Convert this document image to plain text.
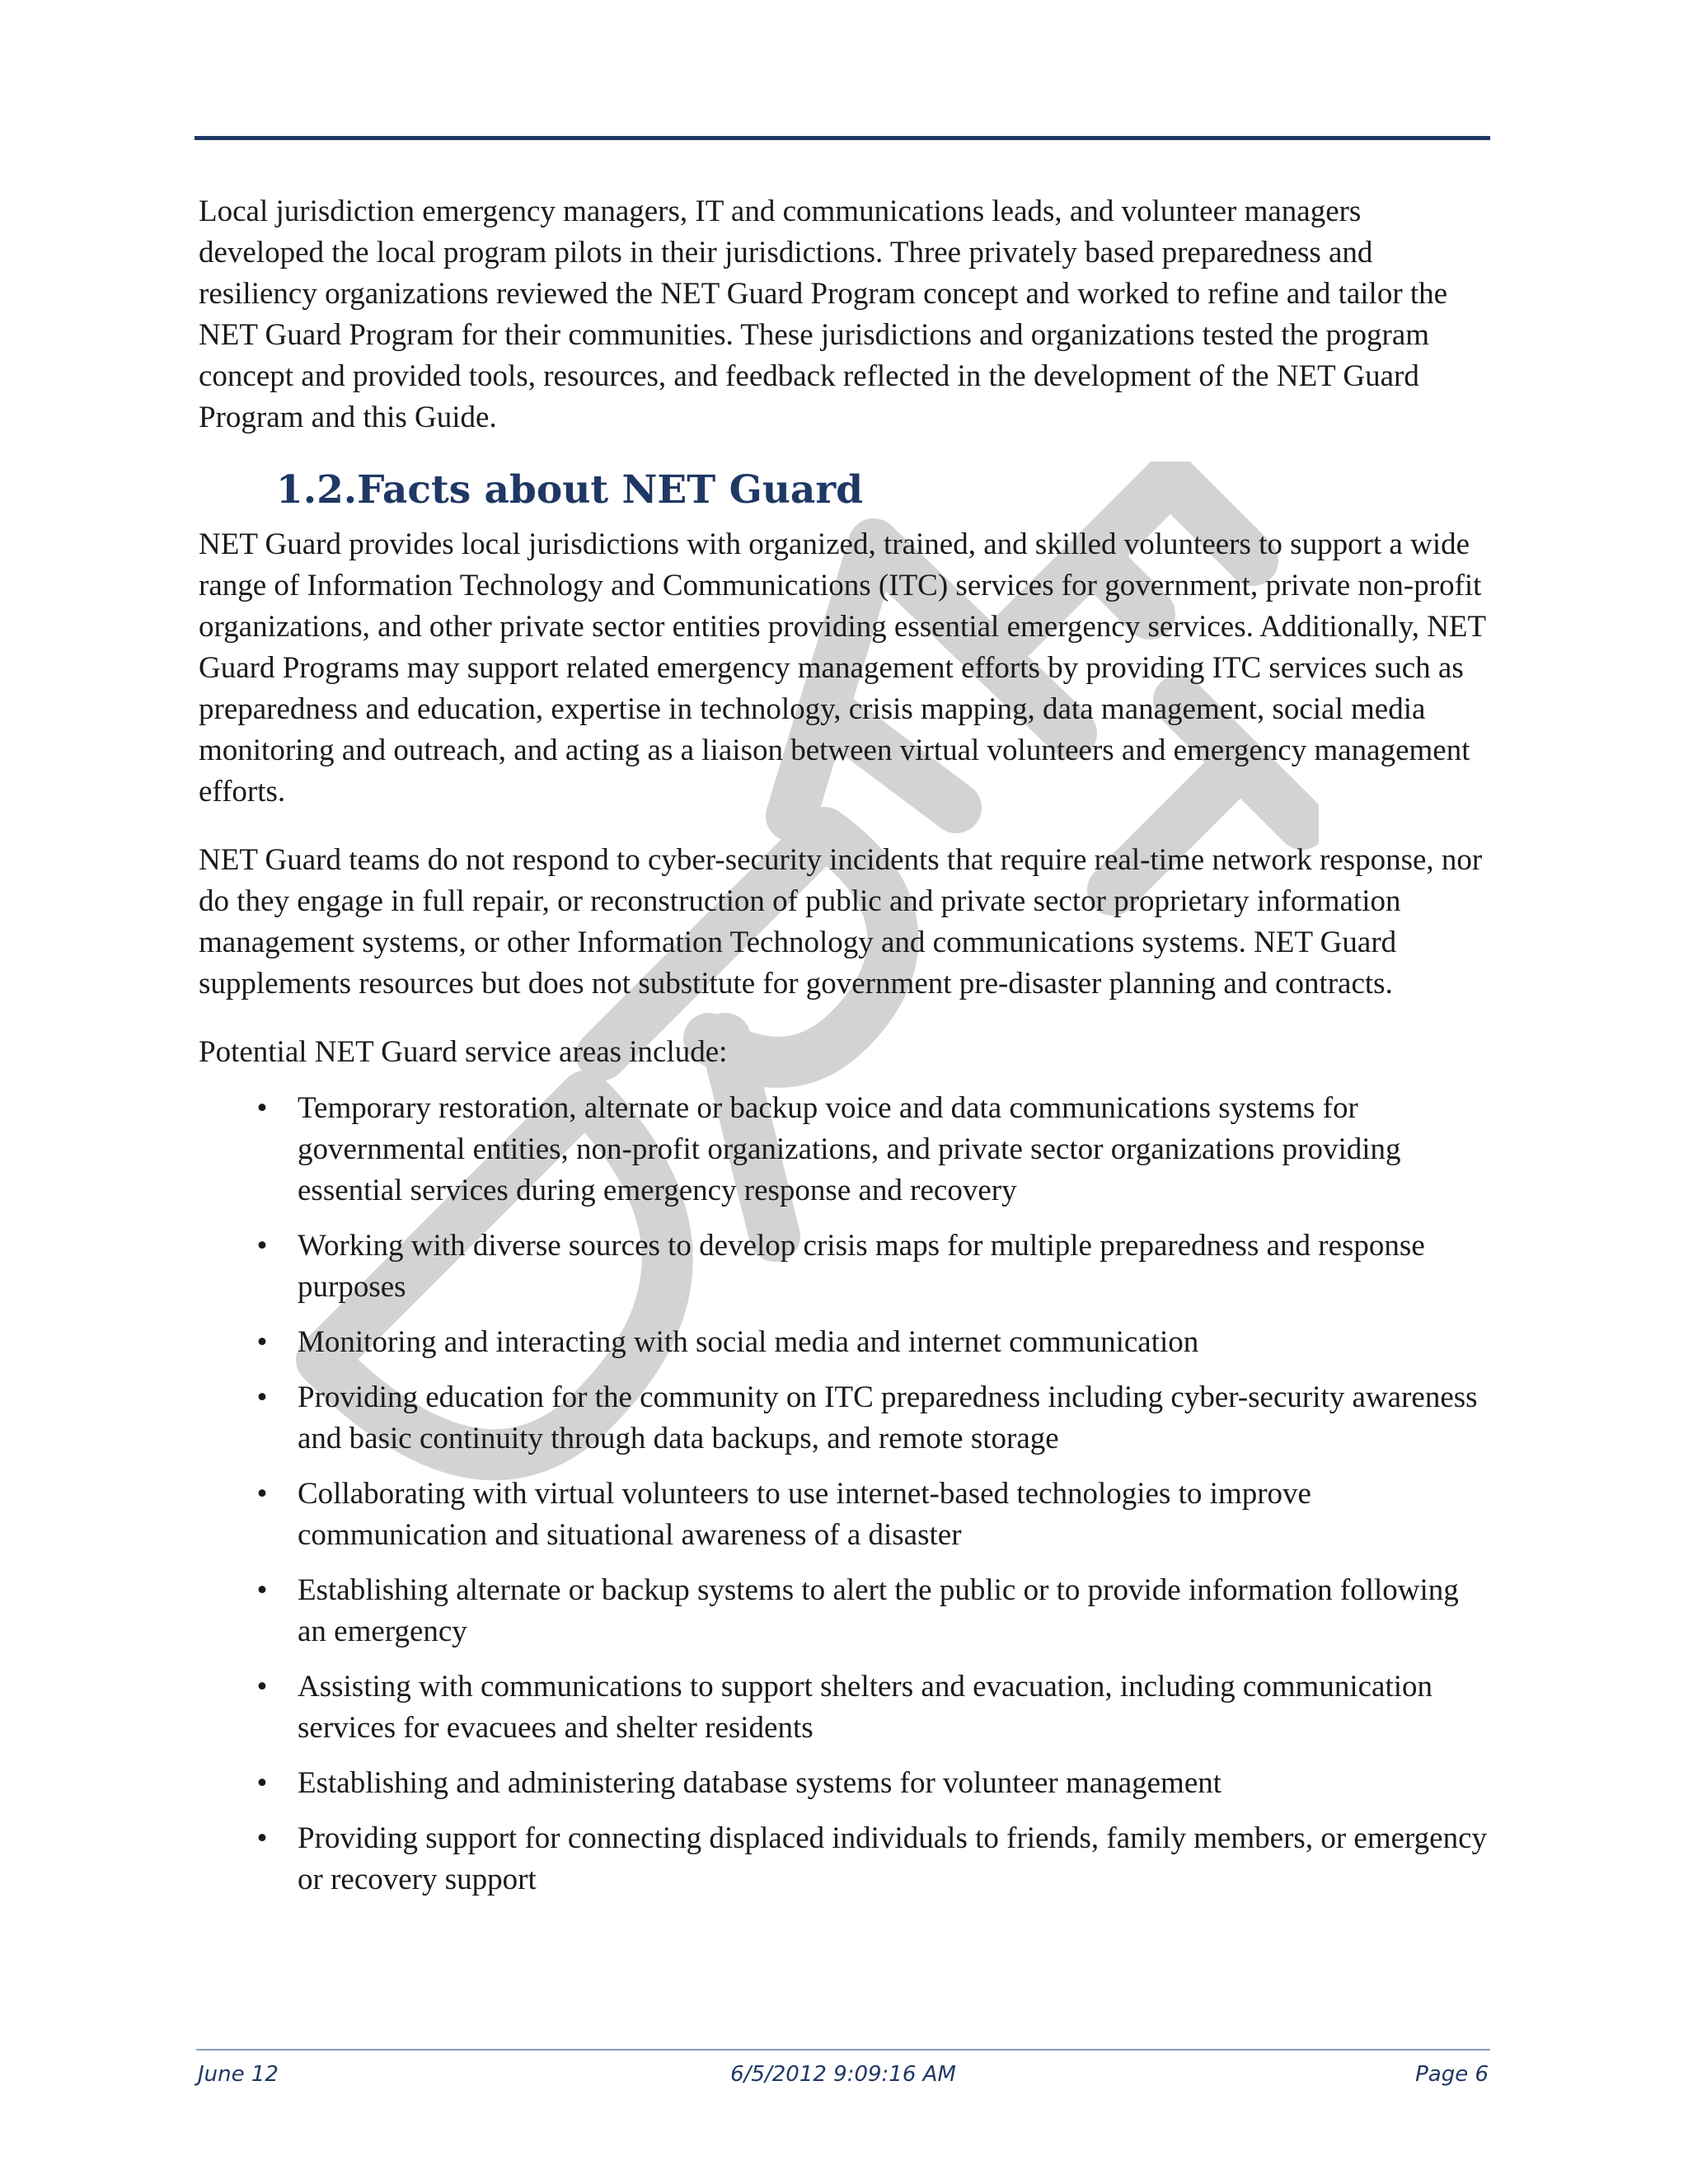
Local jurisdiction emergency managers, IT and communications leads, and volunteer managers developed the local program pilots in their jurisdictions. Three privately based preparedness and resiliency organizations reviewed the NET Guard Program concept and worked to refine and tailor the NET Guard Program for their communities. These jurisdictions and organizations tested the program concept and provided tools, resources, and feedback reflected in the development of the NET Guard Program and this Guide.

1.2.Facts about NET Guard

NET Guard provides local jurisdictions with organized, trained, and skilled volunteers to support a wide range of Information Technology and Communications (ITC) services for government, private non-profit organizations, and other private sector entities providing essential emergency services. Additionally, NET Guard Programs may support related emergency management efforts by providing ITC services such as preparedness and education, expertise in technology, crisis mapping, data management, social media monitoring and outreach, and acting as a liaison between virtual volunteers and emergency management efforts.

NET Guard teams do not respond to cyber-security incidents that require real-time network response, nor do they engage in full repair, or reconstruction of public and private sector proprietary information management systems, or other Information Technology and communications systems. NET Guard supplements resources but does not substitute for government pre-disaster planning and contracts.

Potential NET Guard service areas include:

• Temporary restoration, alternate or backup voice and data communications systems for governmental entities, non-profit organizations, and private sector organizations providing essential services during emergency response and recovery
• Working with diverse sources to develop crisis maps for multiple preparedness and response purposes
• Monitoring and interacting with social media and internet communication
• Providing education for the community on ITC preparedness including cyber-security awareness and basic continuity through data backups, and remote storage
• Collaborating with virtual volunteers to use internet-based technologies to improve communication and situational awareness of a disaster
• Establishing alternate or backup systems to alert the public or to provide information following an emergency
• Assisting with communications to support shelters and evacuation, including communication services for evacuees and shelter residents
• Establishing and administering database systems for volunteer management
• Providing support for connecting displaced individuals to friends, family members, or emergency or recovery support
June 12	6/5/2012 9:09:16 AM	Page 6
